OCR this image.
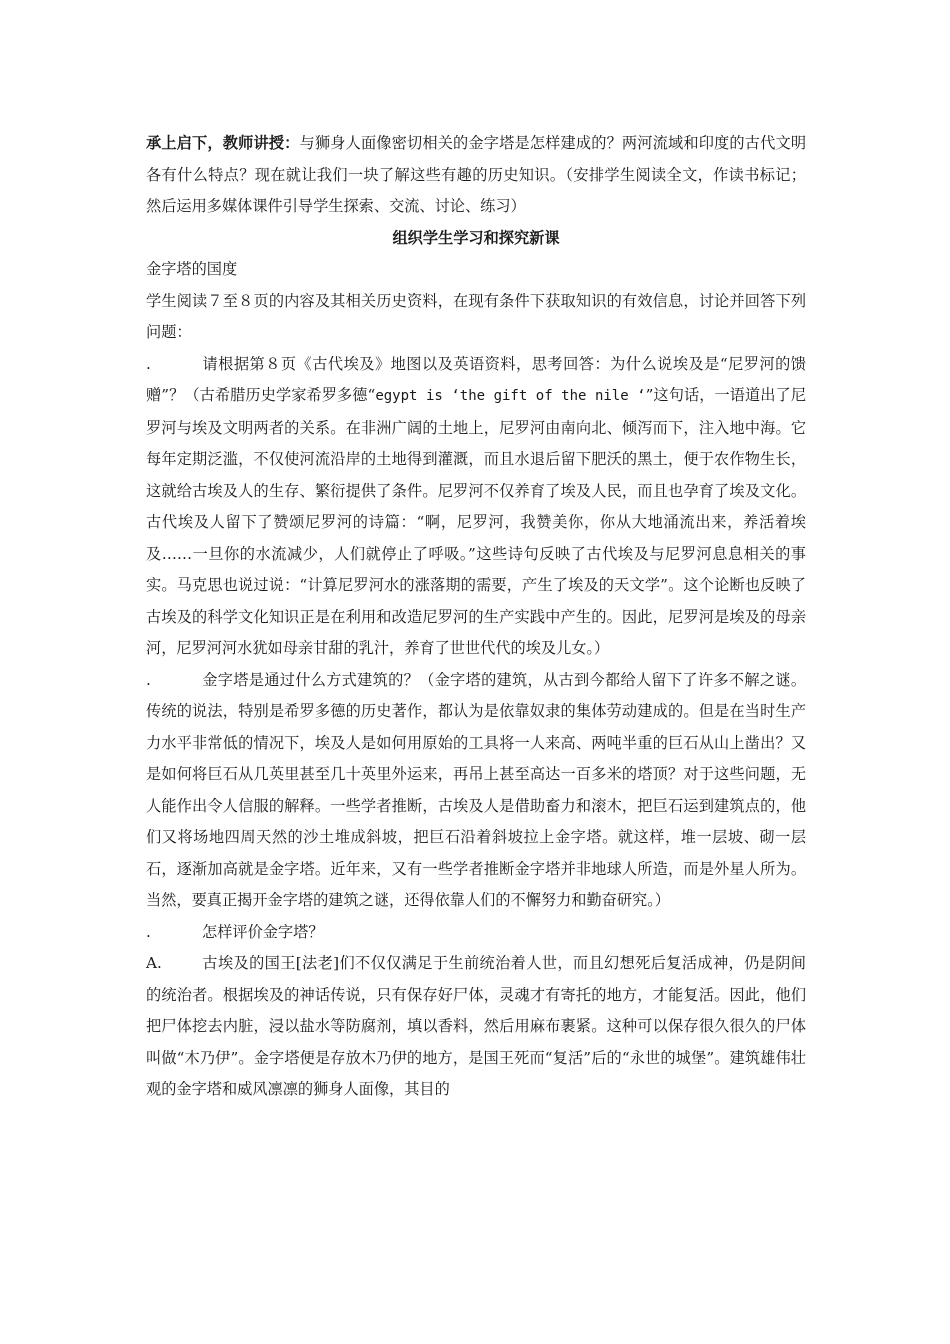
承上启下，教师讲授：与狮身人面像密切相关的金字塔是怎样建成的？两河流域和印度的古代文明各有什么特点？现在就让我们一块了解这些有趣的历史知识。（安排学生阅读全文，作读书标记；然后运用多媒体课件引导学生探索、交流、讨论、练习）

组织学生学习和探究新课

金字塔的国度

学生阅读７至８页的内容及其相关历史资料，在现有条件下获取知识的有效信息，讨论并回答下列问题：

.	请根据第８页《古代埃及》地图以及英语资料，思考回答：为什么说埃及是“尼罗河的馈赠”？（古希腊历史学家希罗多德“egypt is ‘the gift of the nile ‘”这句话，一语道出了尼罗河与埃及文明两者的关系。在非洲广阔的土地上，尼罗河由南向北、倾泻而下，注入地中海。它每年定期泛滥，不仅使河流沿岸的土地得到灌溉，而且水退后留下肥沃的黑土，便于农作物生长，这就给古埃及人的生存、繁衍提供了条件。尼罗河不仅养育了埃及人民，而且也孕育了埃及文化。古代埃及人留下了赞颂尼罗河的诗篇：“啊，尼罗河，我赞美你，你从大地涌流出来，养活着埃及……一旦你的水流减少，人们就停止了呼吸。”这些诗句反映了古代埃及与尼罗河息息相关的事实。马克思也说过说：“计算尼罗河水的涨落期的需要，产生了埃及的天文学”。这个论断也反映了古埃及的科学文化知识正是在利用和改造尼罗河的生产实践中产生的。因此，尼罗河是埃及的母亲河，尼罗河河水犹如母亲甘甜的乳汁，养育了世世代代的埃及儿女。）

.	金字塔是通过什么方式建筑的？（金字塔的建筑，从古到今都给人留下了许多不解之谜。传统的说法，特别是希罗多德的历史著作，都认为是依靠奴隶的集体劳动建成的。但是在当时生产力水平非常低的情况下，埃及人是如何用原始的工具将一人来高、两吨半重的巨石从山上凿出？又是如何将巨石从几英里甚至几十英里外运来，再吊上甚至高达一百多米的塔顶？对于这些问题，无人能作出令人信服的解释。一些学者推断，古埃及人是借助畜力和滚木，把巨石运到建筑点的，他们又将场地四周天然的沙土堆成斜坡，把巨石沿着斜坡拉上金字塔。就这样，堆一层坡、砌一层石，逐渐加高就是金字塔。近年来，又有一些学者推断金字塔并非地球人所造，而是外星人所为。当然，要真正揭开金字塔的建筑之谜，还得依靠人们的不懈努力和勤奋研究。）

.	怎样评价金字塔？

A.	古埃及的国王[法老]们不仅仅满足于生前统治着人世，而且幻想死后复活成神，仍是阴间的统治者。根据埃及的神话传说，只有保存好尸体，灵魂才有寄托的地方，才能复活。因此，他们把尸体挖去内脏，浸以盐水等防腐剂，填以香料，然后用麻布裹紧。这种可以保存很久很久的尸体叫做“木乃伊”。金字塔便是存放木乃伊的地方，是国王死而“复活”后的“永世的城堡”。建筑雄伟壮观的金字塔和威风凛凛的狮身人面像，其目的
